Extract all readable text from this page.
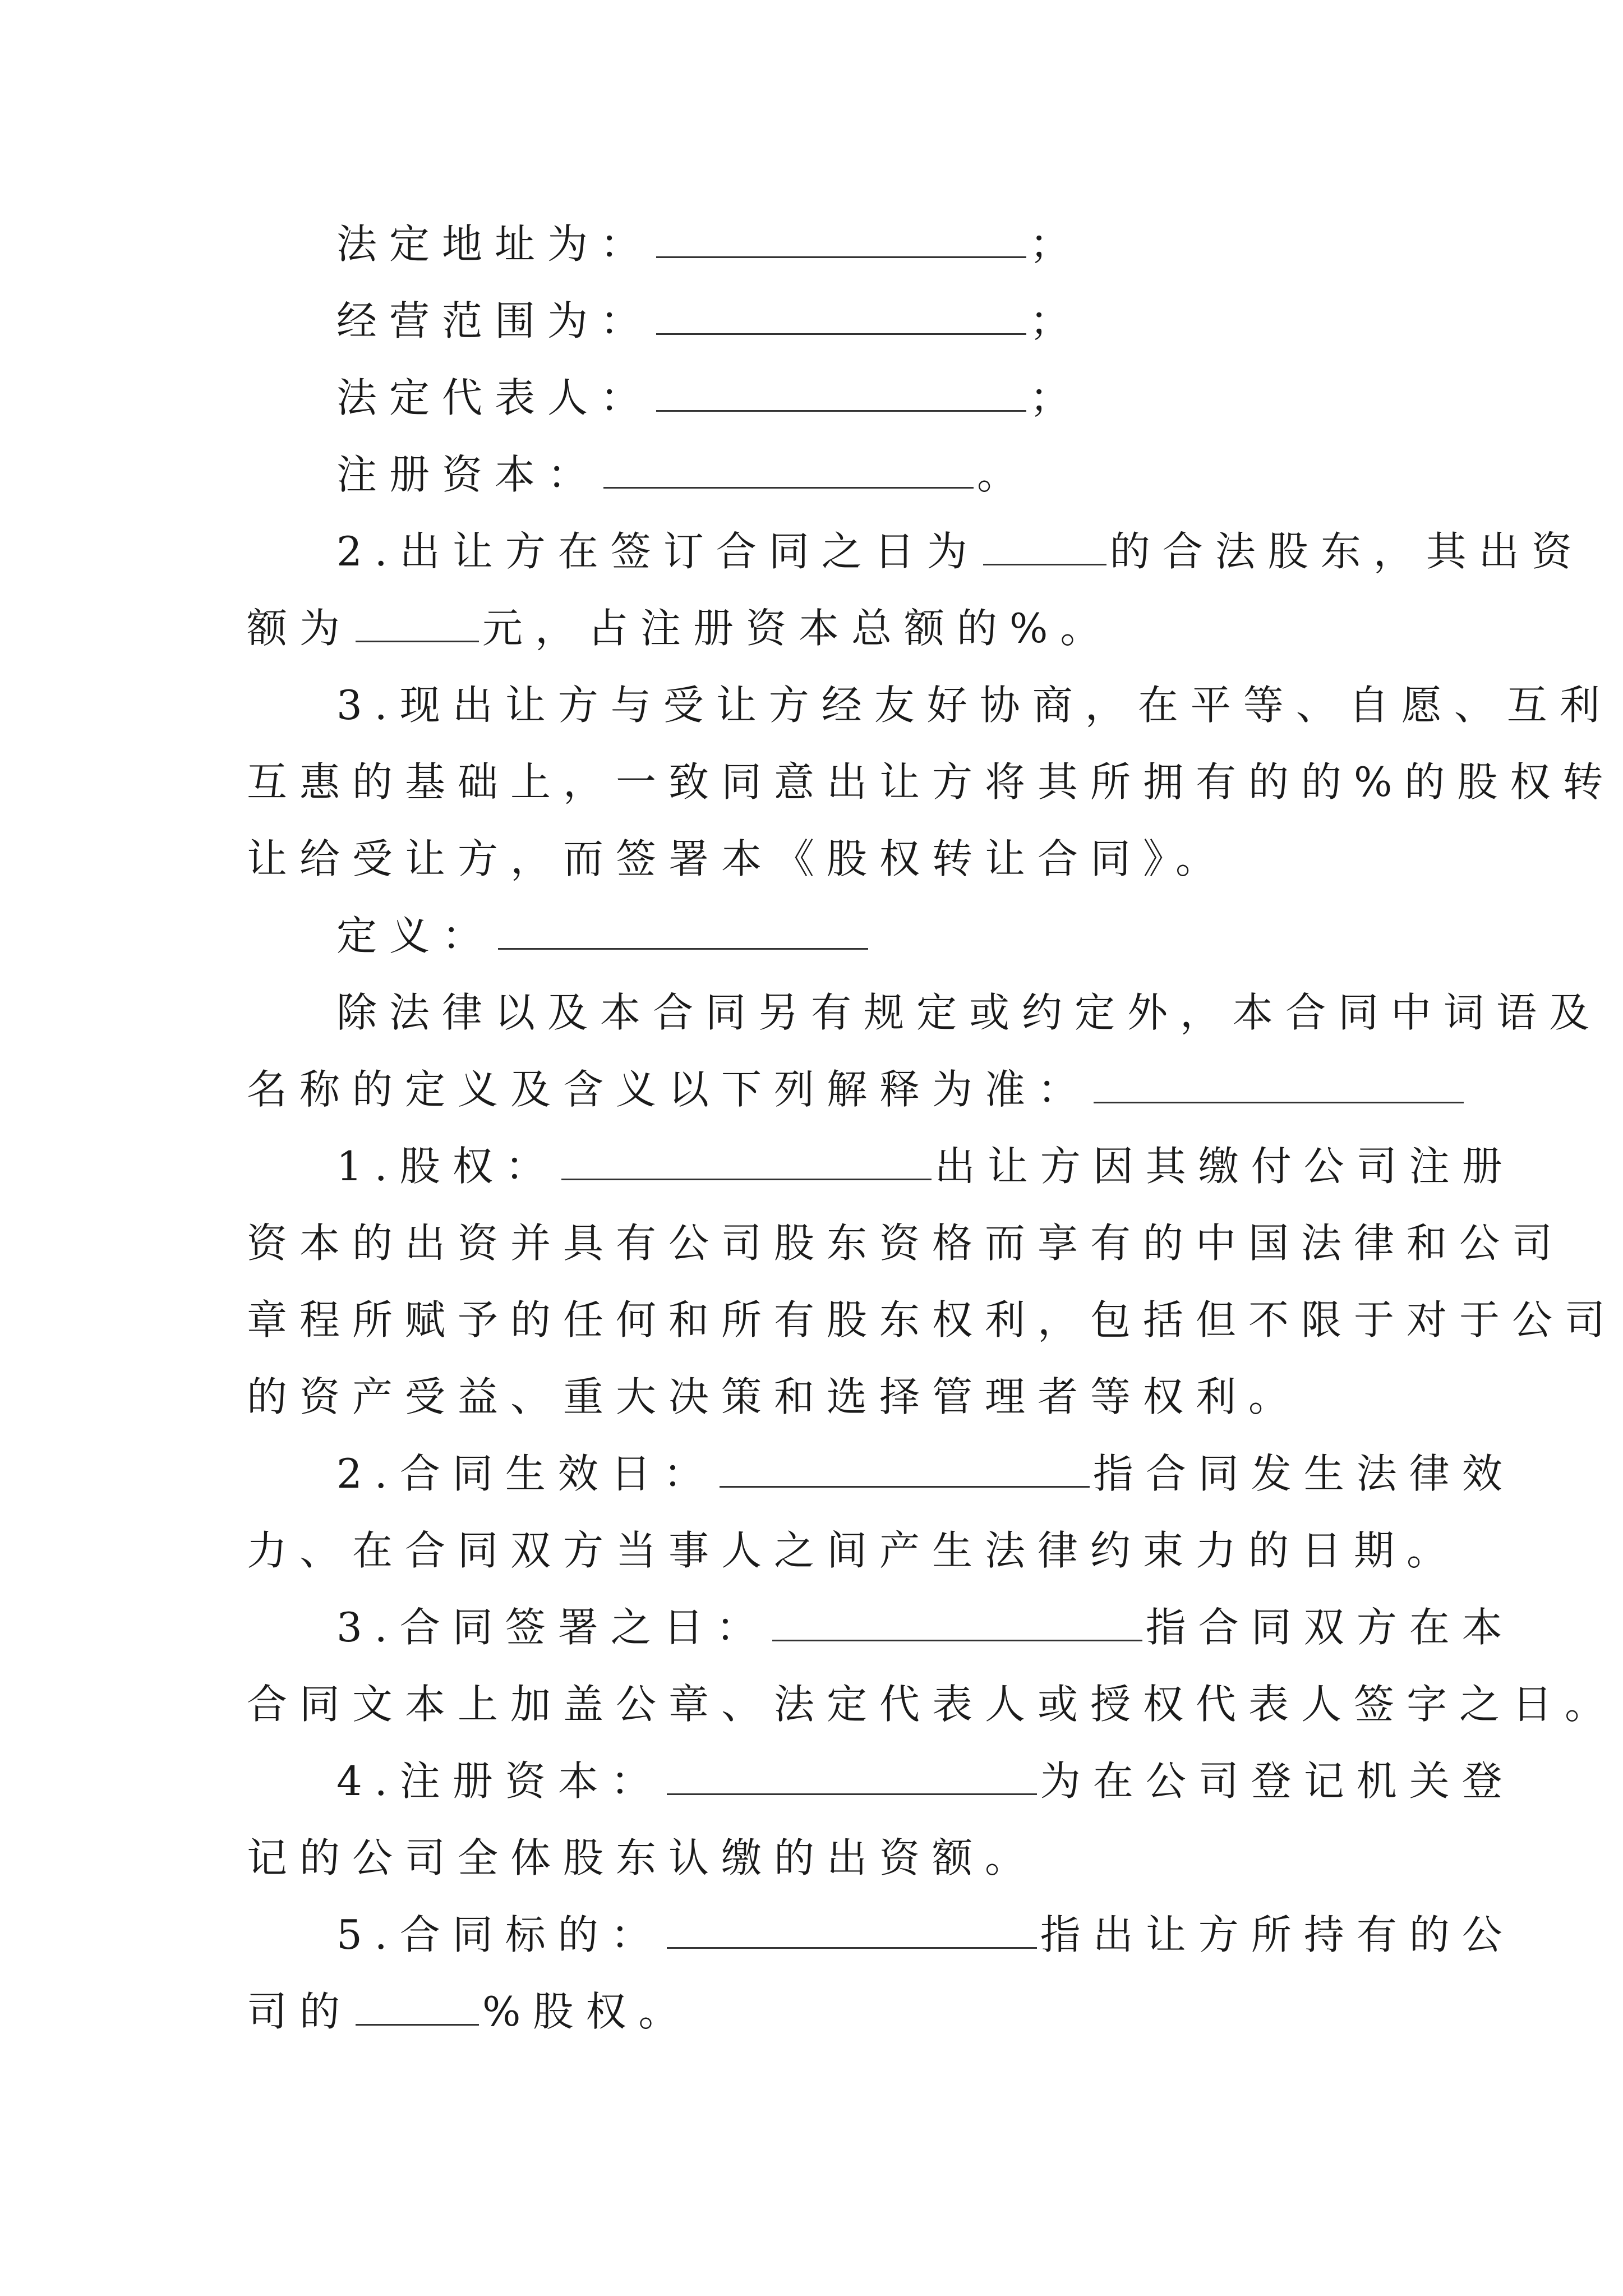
法定地址为：	；
经营范围为：	；
法定代表人：	；
注册资本：	。
2.出让方在签订合同之日为	的合法股东，其出资
额为	元，占注册资本总额的%。
3.现出让方与受让方经友好协商，在平等、自愿、互利
互惠的基础上，一致同意出让方将其所拥有的的%的股权转
让给受让方，而签署本《股权转让合同》。
定义：
除法律以及本合同另有规定或约定外，本合同中词语及
名称的定义及含义以下列解释为准：
1.股权：	出让方因其缴付公司注册
资本的出资并具有公司股东资格而享有的中国法律和公司
章程所赋予的任何和所有股东权利，包括但不限于对于公司
的资产受益、重大决策和选择管理者等权利。
2.合同生效日：	指合同发生法律效
力、在合同双方当事人之间产生法律约束力的日期。
3.合同签署之日：	指合同双方在本
合同文本上加盖公章、法定代表人或授权代表人签字之日。
4.注册资本：	为在公司登记机关登
记的公司全体股东认缴的出资额。
5.合同标的：	指出让方所持有的公
司的	%股权。
